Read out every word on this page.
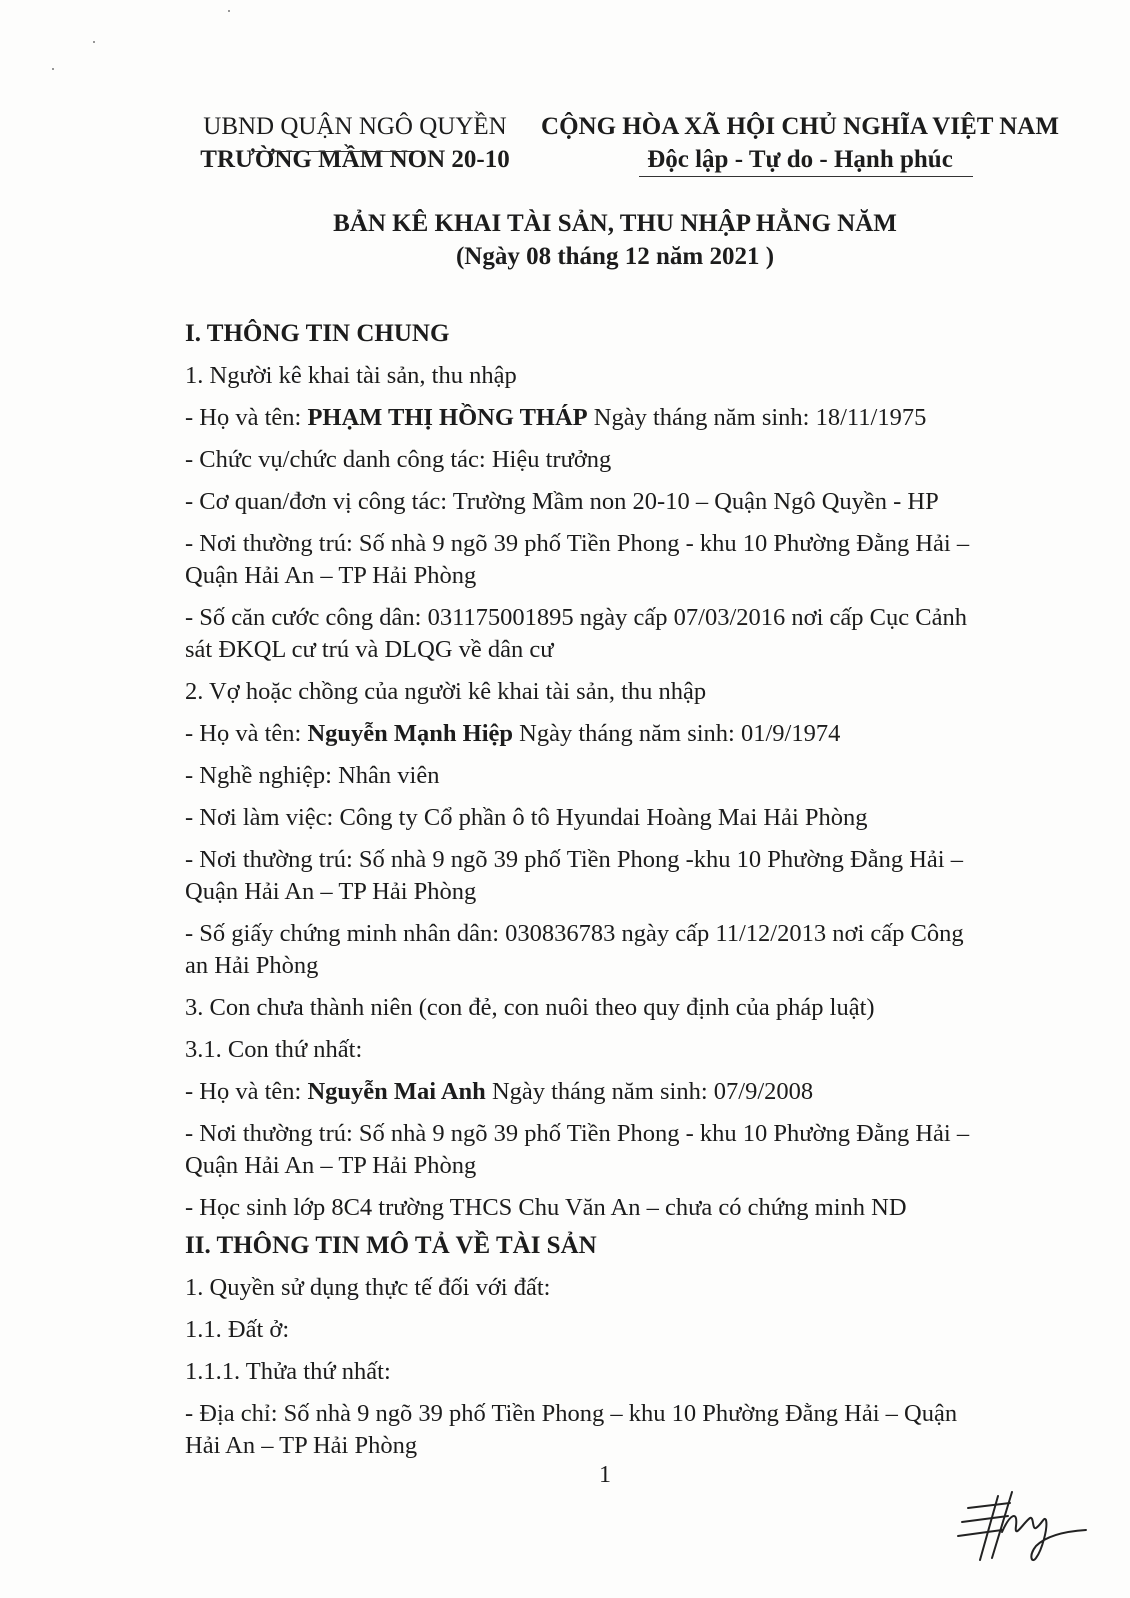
UBND QUẬN NGÔ QUYỀN
TRƯỜNG MẦM NON 20-10
CỘNG HÒA XÃ HỘI CHỦ NGHĨA VIỆT NAM
Độc lập - Tự do - Hạnh phúc
BẢN KÊ KHAI TÀI SẢN, THU NHẬP HẰNG NĂM
(Ngày 08 tháng 12 năm 2021 )

I. THÔNG TIN CHUNG

1. Người kê khai tài sản, thu nhập

- Họ và tên: PHẠM THỊ HỒNG THÁP Ngày tháng năm sinh: 18/11/1975

- Chức vụ/chức danh công tác: Hiệu trưởng

- Cơ quan/đơn vị công tác: Trường Mầm non 20-10 – Quận Ngô Quyền - HP

- Nơi thường trú: Số nhà 9 ngõ 39 phố Tiền Phong - khu 10 Phường Đằng Hải –
Quận Hải An – TP Hải Phòng

- Số căn cước công dân: 031175001895 ngày cấp 07/03/2016 nơi cấp Cục Cảnh
sát ĐKQL cư trú và DLQG về dân cư

2. Vợ hoặc chồng của người kê khai tài sản, thu nhập

- Họ và tên: Nguyễn Mạnh Hiệp Ngày tháng năm sinh: 01/9/1974

- Nghề nghiệp: Nhân viên

- Nơi làm việc: Công ty Cổ phần ô tô Hyundai Hoàng Mai Hải Phòng

- Nơi thường trú: Số nhà 9 ngõ 39 phố Tiền Phong -khu 10 Phường Đằng Hải –
Quận Hải An – TP Hải Phòng

- Số giấy chứng minh nhân dân: 030836783 ngày cấp 11/12/2013 nơi cấp Công
an Hải Phòng

3. Con chưa thành niên (con đẻ, con nuôi theo quy định của pháp luật)

3.1. Con thứ nhất:

- Họ và tên: Nguyễn Mai Anh Ngày tháng năm sinh: 07/9/2008

- Nơi thường trú: Số nhà 9 ngõ 39 phố Tiền Phong - khu 10 Phường Đằng Hải –
Quận Hải An – TP Hải Phòng

- Học sinh lớp 8C4 trường THCS Chu Văn An – chưa có chứng minh ND

II. THÔNG TIN MÔ TẢ VỀ TÀI SẢN

1. Quyền sử dụng thực tế đối với đất:

1.1. Đất ở:

1.1.1. Thửa thứ nhất:

- Địa chỉ: Số nhà 9 ngõ 39 phố Tiền Phong – khu 10 Phường Đằng Hải – Quận
Hải An – TP Hải Phòng

1
